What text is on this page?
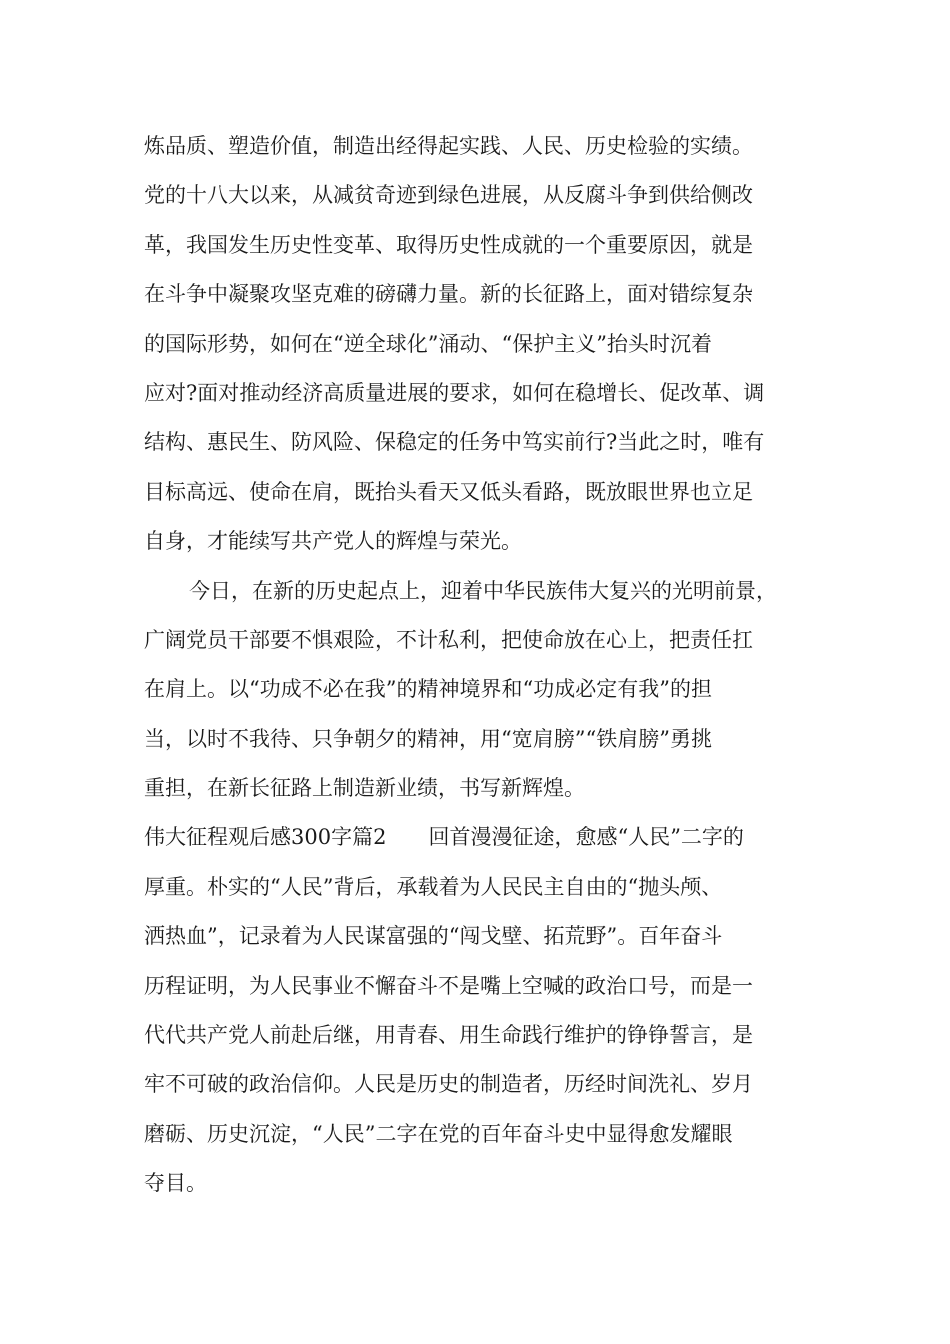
炼品质、塑造价值，制造出经得起实践、人民、历史检验的实绩。
党的十八大以来，从减贫奇迹到绿色进展，从反腐斗争到供给侧改
革，我国发生历史性变革、取得历史性成就的一个重要原因，就是
在斗争中凝聚攻坚克难的磅礴力量。新的长征路上，面对错综复杂
的国际形势，如何在“逆全球化”涌动、“保护主义”抬头时沉着
应对?面对推动经济高质量进展的要求，如何在稳增长、促改革、调
结构、惠民生、防风险、保稳定的任务中笃实前行?当此之时，唯有
目标高远、使命在肩，既抬头看天又低头看路，既放眼世界也立足
自身，才能续写共产党人的辉煌与荣光。
今日，在新的历史起点上，迎着中华民族伟大复兴的光明前景，
广阔党员干部要不惧艰险，不计私利，把使命放在心上，把责任扛
在肩上。以“功成不必在我”的精神境界和“功成必定有我”的担
当，以时不我待、只争朝夕的精神，用“宽肩膀”“铁肩膀”勇挑
重担，在新长征路上制造新业绩，书写新辉煌。
伟大征程观后感300字篇2 回首漫漫征途，愈感“人民”二字的
厚重。朴实的“人民”背后，承载着为人民民主自由的“抛头颅、
洒热血”，记录着为人民谋富强的“闯戈壁、拓荒野”。百年奋斗
历程证明，为人民事业不懈奋斗不是嘴上空喊的政治口号，而是一
代代共产党人前赴后继，用青春、用生命践行维护的铮铮誓言，是
牢不可破的政治信仰。人民是历史的制造者，历经时间洗礼、岁月
磨砺、历史沉淀，“人民”二字在党的百年奋斗史中显得愈发耀眼
夺目。
